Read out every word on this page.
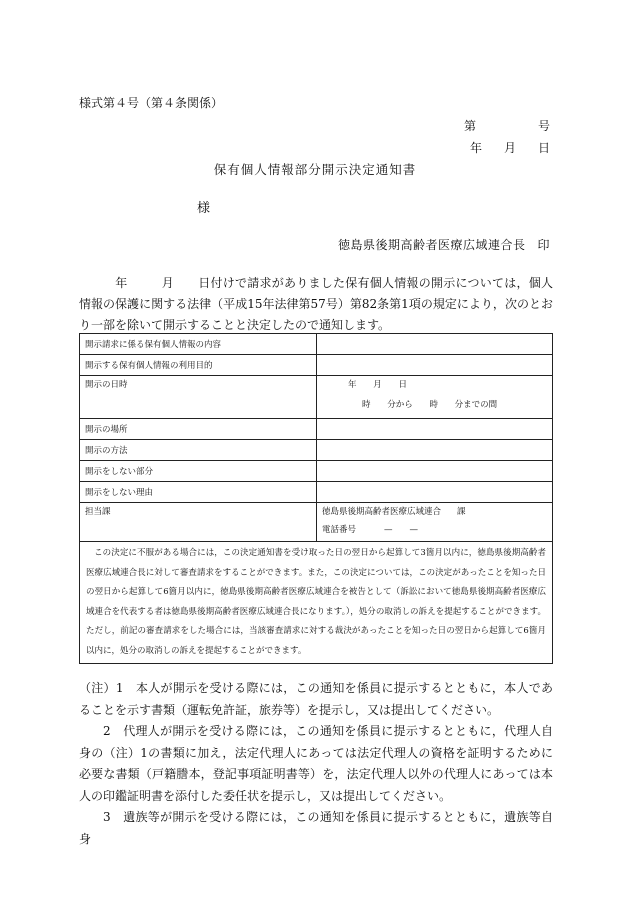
様式第４号（第４条関係）
第	号
年 月 日
保有個人情報部分開示決定通知書
様
徳島県後期高齢者医療広域連合長 印
年	月 日付けで請求がありました保有個人情報の開示については，個人情報の保護に関する法律（平成15年法律第57号）第82条第1項の規定により，次のとおり一部を除いて開示することと決定したので通知します。
開示請求に係る保有個人情報の内容	
開示する保有個人情報の利用目的	
開示の日時	年 月 日
時 分から 時 分までの間

開示の場所	
開示の方法	
開示をしない部分	
開示をしない理由	
担当課	徳島県後期高齢者医療広域連合 課
電話番号 —　　—

この決定に不服がある場合には，この決定通知書を受け取った日の翌日から起算して3箇月以内に，徳島県後期高齢者医療広域連合長に対して審査請求をすることができます。また，この決定については，この決定があったことを知った日の翌日から起算して6箇月以内に，徳島県後期高齢者医療広域連合を被告として（訴訟において徳島県後期高齢者医療広域連合を代表する者は徳島県後期高齢者医療広域連合長になります。），処分の取消しの訴えを提起することができます。ただし，前記の審査請求をした場合には，当該審査請求に対する裁決があったことを知った日の翌日から起算して6箇月以内に，処分の取消しの訴えを提起することができます。	

（注）1　本人が開示を受ける際には，この通知を係員に提示するとともに，本人であることを示す書類（運転免許証，旅券等）を提示し，又は提出してください。

2　代理人が開示を受ける際には，この通知を係員に提示するとともに，代理人自身の（注）1の書類に加え，法定代理人にあっては法定代理人の資格を証明するために必要な書類（戸籍謄本，登記事項証明書等）を，法定代理人以外の代理人にあっては本人の印鑑証明書を添付した委任状を提示し，又は提出してください。

3　遺族等が開示を受ける際には，この通知を係員に提示するとともに，遺族等自身
